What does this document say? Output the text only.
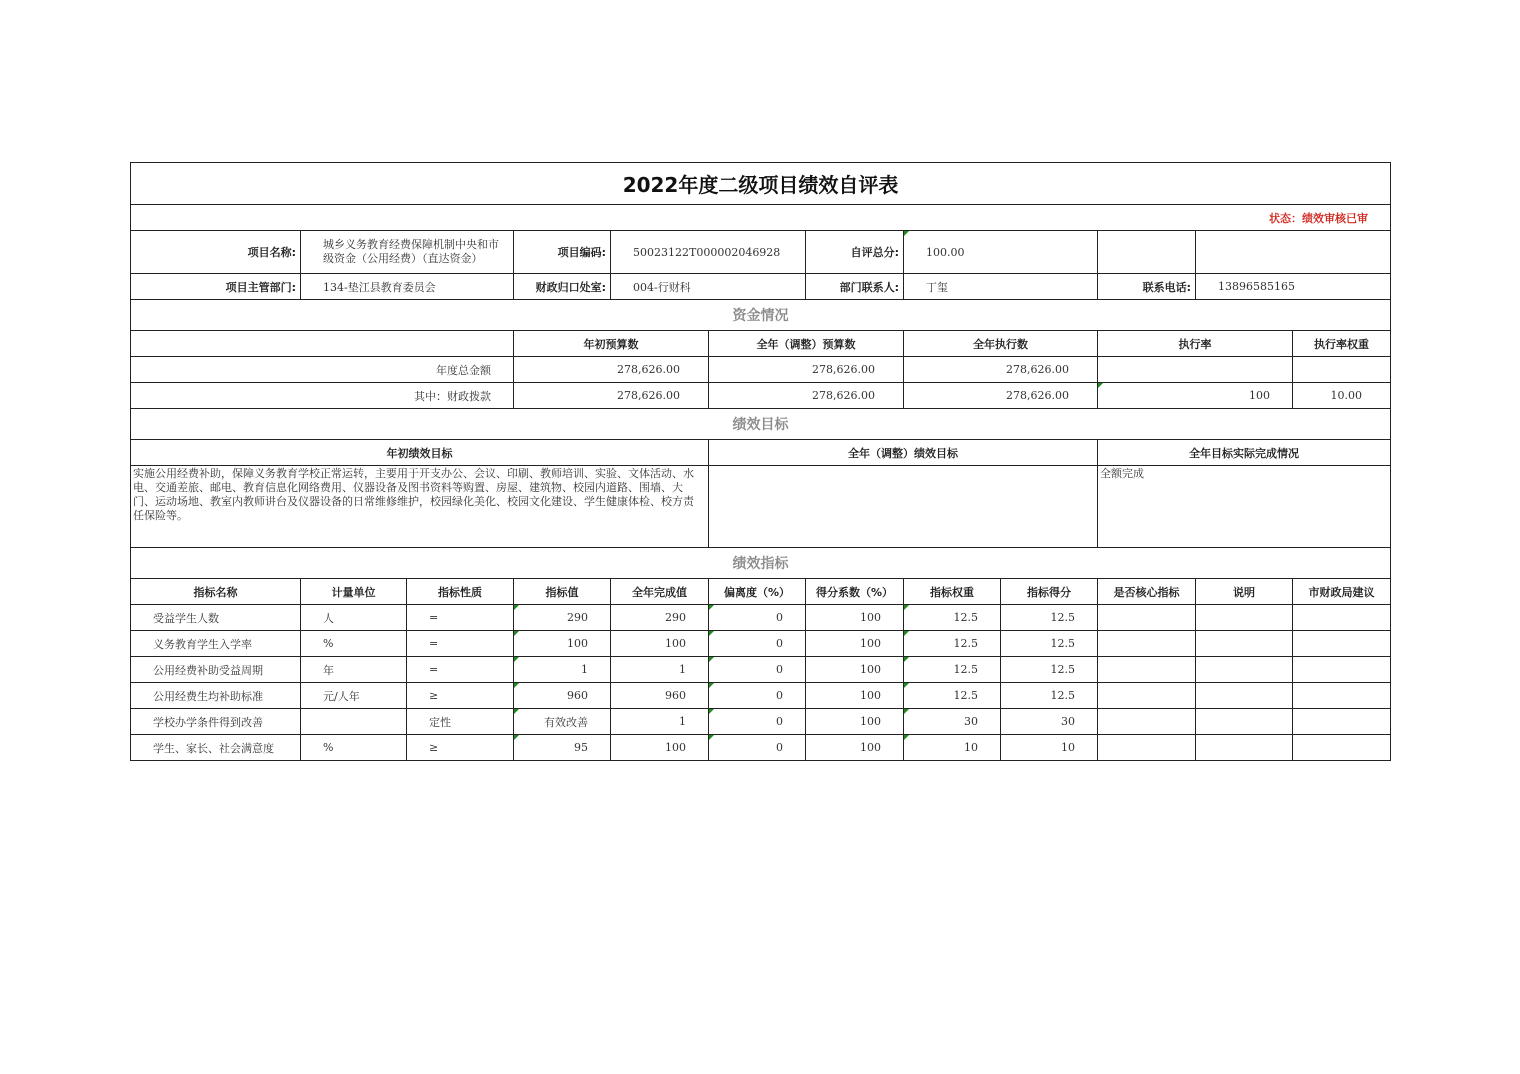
2022年度二级项目绩效自评表												
状态：绩效审核已审												
项目名称:	城乡义务教育经费保障机制中央和市级资金（公用经费）（直达资金）		项目编码:	50023122T000002046928		自评总分:	100.00					
项目主管部门:	134-垫江县教育委员会		财政归口处室:	004-行财科		部门联系人:	丁玺		联系电话:	13896585165		
资金情况												
			年初预算数		全年（调整）预算数		全年执行数		执行率		执行率权重	
年度总金额			278,626.00		278,626.00		278,626.00					
其中：财政拨款			278,626.00		278,626.00		278,626.00		100		10.00	
绩效目标												
年初绩效目标					全年（调整）绩效目标				全年目标实际完成情况			
实施公用经费补助，保障义务教育学校正常运转，主要用于开支办公、会议、印刷、教师培训、实验、文体活动、水电、交通差旅、邮电、教育信息化网络费用、仪器设备及图书资料等购置、房屋、建筑物、校园内道路、围墙、大门、运动场地、教室内教师讲台及仪器设备的日常维修维护，校园绿化美化、校园文化建设、学生健康体检、校方责任保险等。									全额完成			
绩效指标												
指标名称	计量单位	指标性质	指标值	全年完成值	偏离度（%）	得分系数（%）	指标权重	指标得分	是否核心指标	说明	市财政局建议	
受益学生人数	人	=	290	290	0	100	12.5	12.5				
义务教育学生入学率	%	=	100	100	0	100	12.5	12.5				
公用经费补助受益周期	年	=	1	1	0	100	12.5	12.5				
公用经费生均补助标准	元/人年	≥	960	960	0	100	12.5	12.5				
学校办学条件得到改善		定性	有效改善	1	0	100	30	30				
学生、家长、社会满意度	%	≥	95	100	0	100	10	10				
